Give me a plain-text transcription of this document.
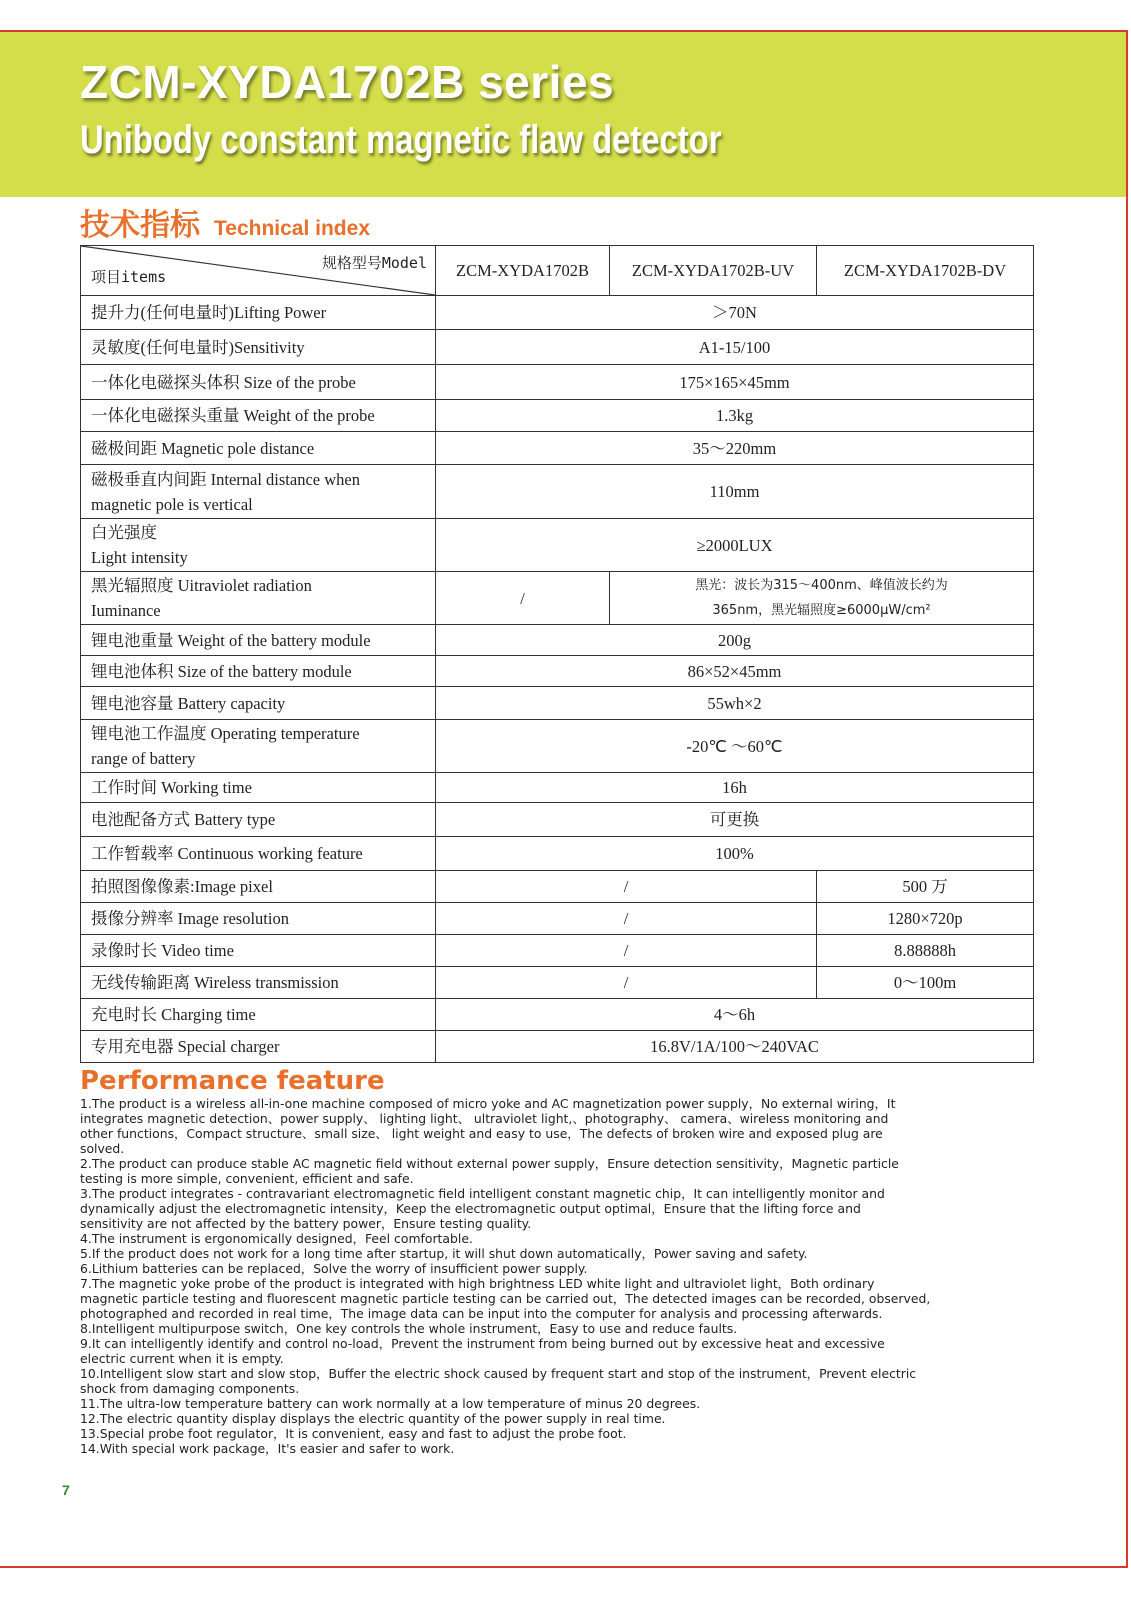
ZCM-XYDA1702B series
Unibody constant magnetic flaw detector
技术指标 Technical index
规格型号Model
项目items	ZCM-XYDA1702B	ZCM-XYDA1702B-UV	ZCM-XYDA1702B-DV
提升力(任何电量时)Lifting Power	＞70N		
灵敏度(任何电量时)Sensitivity	A1-15/100		
一体化电磁探头体积 Size of the probe	175×165×45mm		
一体化电磁探头重量 Weight of the probe	1.3kg		
磁极间距 Magnetic pole distance	35～220mm		
磁极垂直内间距 Internal distance when
magnetic pole is vertical	110mm		
白光强度
Light intensity	≥2000LUX		
黑光辐照度 Uitraviolet radiation
Iuminance	/	黑光：波长为315～400nm、峰值波长约为
365nm，黑光辐照度≥6000μW/cm²	
锂电池重量 Weight of the battery module	200g		
锂电池体积 Size of the battery module	86×52×45mm		
锂电池容量 Battery capacity	55wh×2		
锂电池工作温度 Operating temperature
range of battery	-20℃ ～60℃		
工作时间 Working time	16h		
电池配备方式 Battery type	可更换		
工作暂载率 Continuous working feature	100%		
拍照图像像素:Image pixel	/		500 万
摄像分辨率 Image resolution	/		1280×720p
录像时长 Video time	/		8.88888h
无线传输距离 Wireless transmission	/		0～100m
充电时长 Charging time	4～6h		
专用充电器 Special charger	16.8V/1A/100～240VAC		
Performance feature
1.The product is a wireless all-in-one machine composed of micro yoke and AC magnetization power supply，No external wiring，It
integrates magnetic detection、power supply、 lighting light、 ultraviolet light,、photography、 camera、wireless monitoring and
other functions，Compact structure、small size、 light weight and easy to use，The defects of broken wire and exposed plug are
solved.
2.The product can produce stable AC magnetic field without external power supply，Ensure detection sensitivity，Magnetic particle
testing is more simple, convenient, efficient and safe.
3.The product integrates - contravariant electromagnetic field intelligent constant magnetic chip，It can intelligently monitor and
dynamically adjust the electromagnetic intensity，Keep the electromagnetic output optimal，Ensure that the lifting force and
sensitivity are not affected by the battery power，Ensure testing quality.
4.The instrument is ergonomically designed，Feel comfortable.
5.If the product does not work for a long time after startup, it will shut down automatically，Power saving and safety.
6.Lithium batteries can be replaced，Solve the worry of insufficient power supply.
7.The magnetic yoke probe of the product is integrated with high brightness LED white light and ultraviolet light，Both ordinary
magnetic particle testing and fluorescent magnetic particle testing can be carried out，The detected images can be recorded, observed,
photographed and recorded in real time，The image data can be input into the computer for analysis and processing afterwards.
8.Intelligent multipurpose switch，One key controls the whole instrument，Easy to use and reduce faults.
9.It can intelligently identify and control no-load，Prevent the instrument from being burned out by excessive heat and excessive
electric current when it is empty.
10.Intelligent slow start and slow stop，Buffer the electric shock caused by frequent start and stop of the instrument，Prevent electric
shock from damaging components.
11.The ultra-low temperature battery can work normally at a low temperature of minus 20 degrees.
12.The electric quantity display displays the electric quantity of the power supply in real time.
13.Special probe foot regulator，It is convenient, easy and fast to adjust the probe foot.
14.With special work package，It's easier and safer to work.
7
